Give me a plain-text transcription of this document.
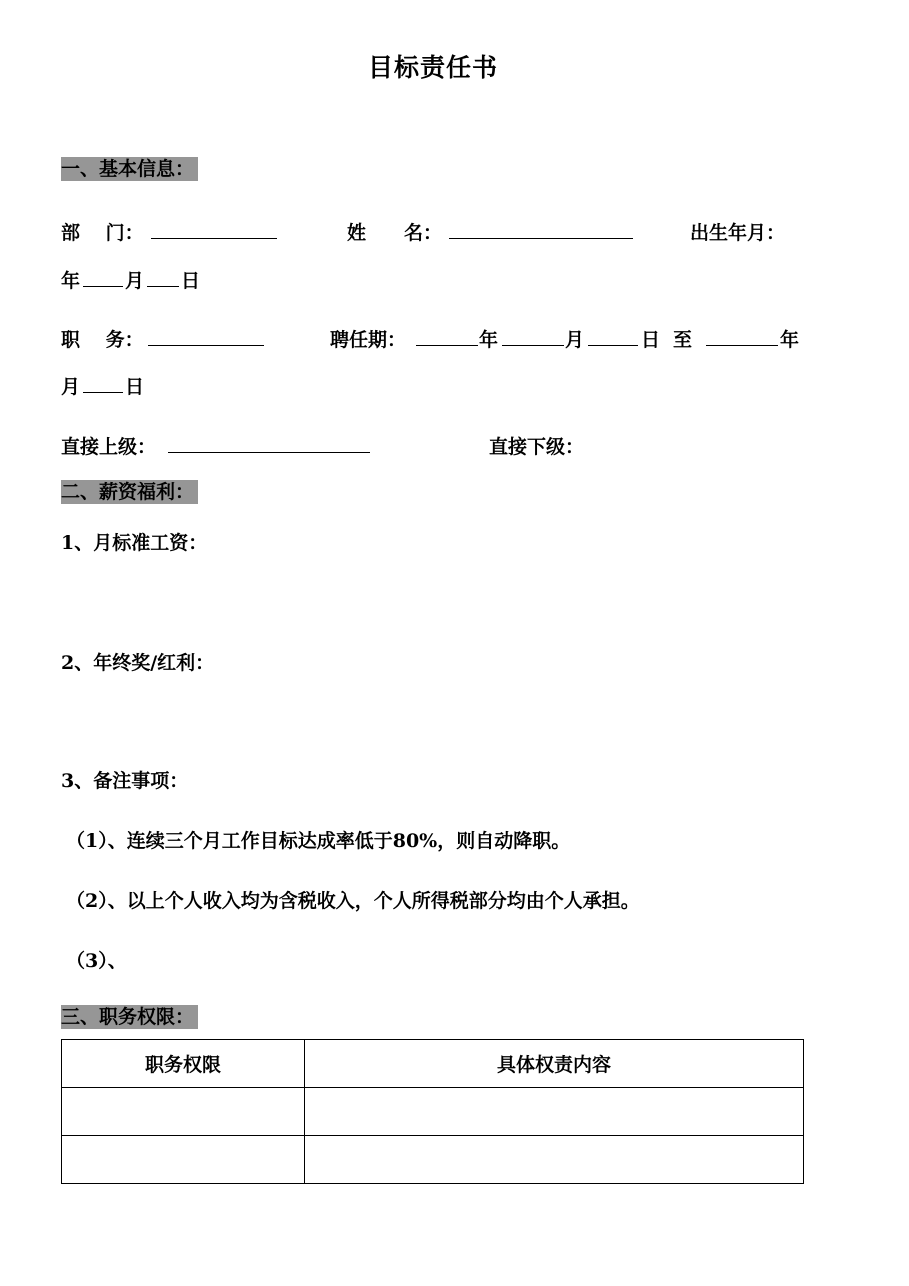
目标责任书
一、基本信息：
部　 门：	姓　　名：	出生年月：
年 月 日
职　 务：	聘任期：	年	月	日 至	年
月 日
直接上级：	直接下级：
二、薪资福利：
1、月标准工资：
2、年终奖/红利：
3、备注事项：
（1）、连续三个月工作目标达成率低于80%，则自动降职。
（2）、以上个人收入均为含税收入，个人所得税部分均由个人承担。
（3）、
三、职务权限：
职务权限	具体权责内容
